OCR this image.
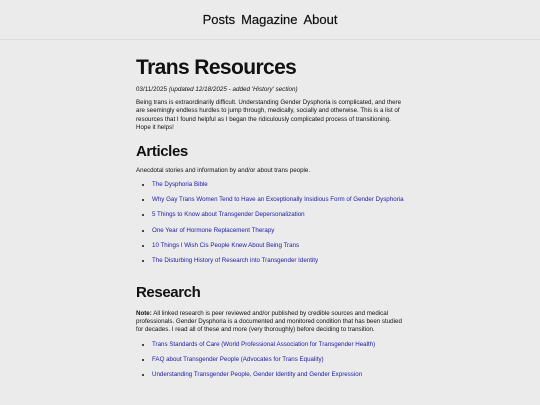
Posts Magazine About
Trans Resources
03/11/2025 (updated 12/18/2025 - added 'History' section)

Being trans is extraordinarily difficult. Understanding Gender Dysphoria is complicated, and there are seemingly endless hurdles to jump through, medically, socially and otherwise. This is a list of resources that I found helpful as I began the ridiculously complicated process of transitioning. Hope it helps!

Articles

Anecdotal stories and information by and/or about trans people.

• The Dysphoria Bible
• Why Gay Trans Women Tend to Have an Exceptionally Insidious Form of Gender Dysphoria
• 5 Things to Know about Transgender Depersonalization
• One Year of Hormone Replacement Therapy
• 10 Things I Wish Cis People Knew About Being Trans
• The Disturbing History of Research into Transgender Identity
Research

Note: All linked research is peer reviewed and/or published by credible sources and medical professionals. Gender Dysphoria is a documented and monitored condition that has been studied for decades. I read all of these and more (very thoroughly) before deciding to transition.

• Trans Standards of Care (World Professional Association for Transgender Health)
• FAQ about Transgender People (Advocates for Trans Equality)
• Understanding Transgender People, Gender Identity and Gender Expression
